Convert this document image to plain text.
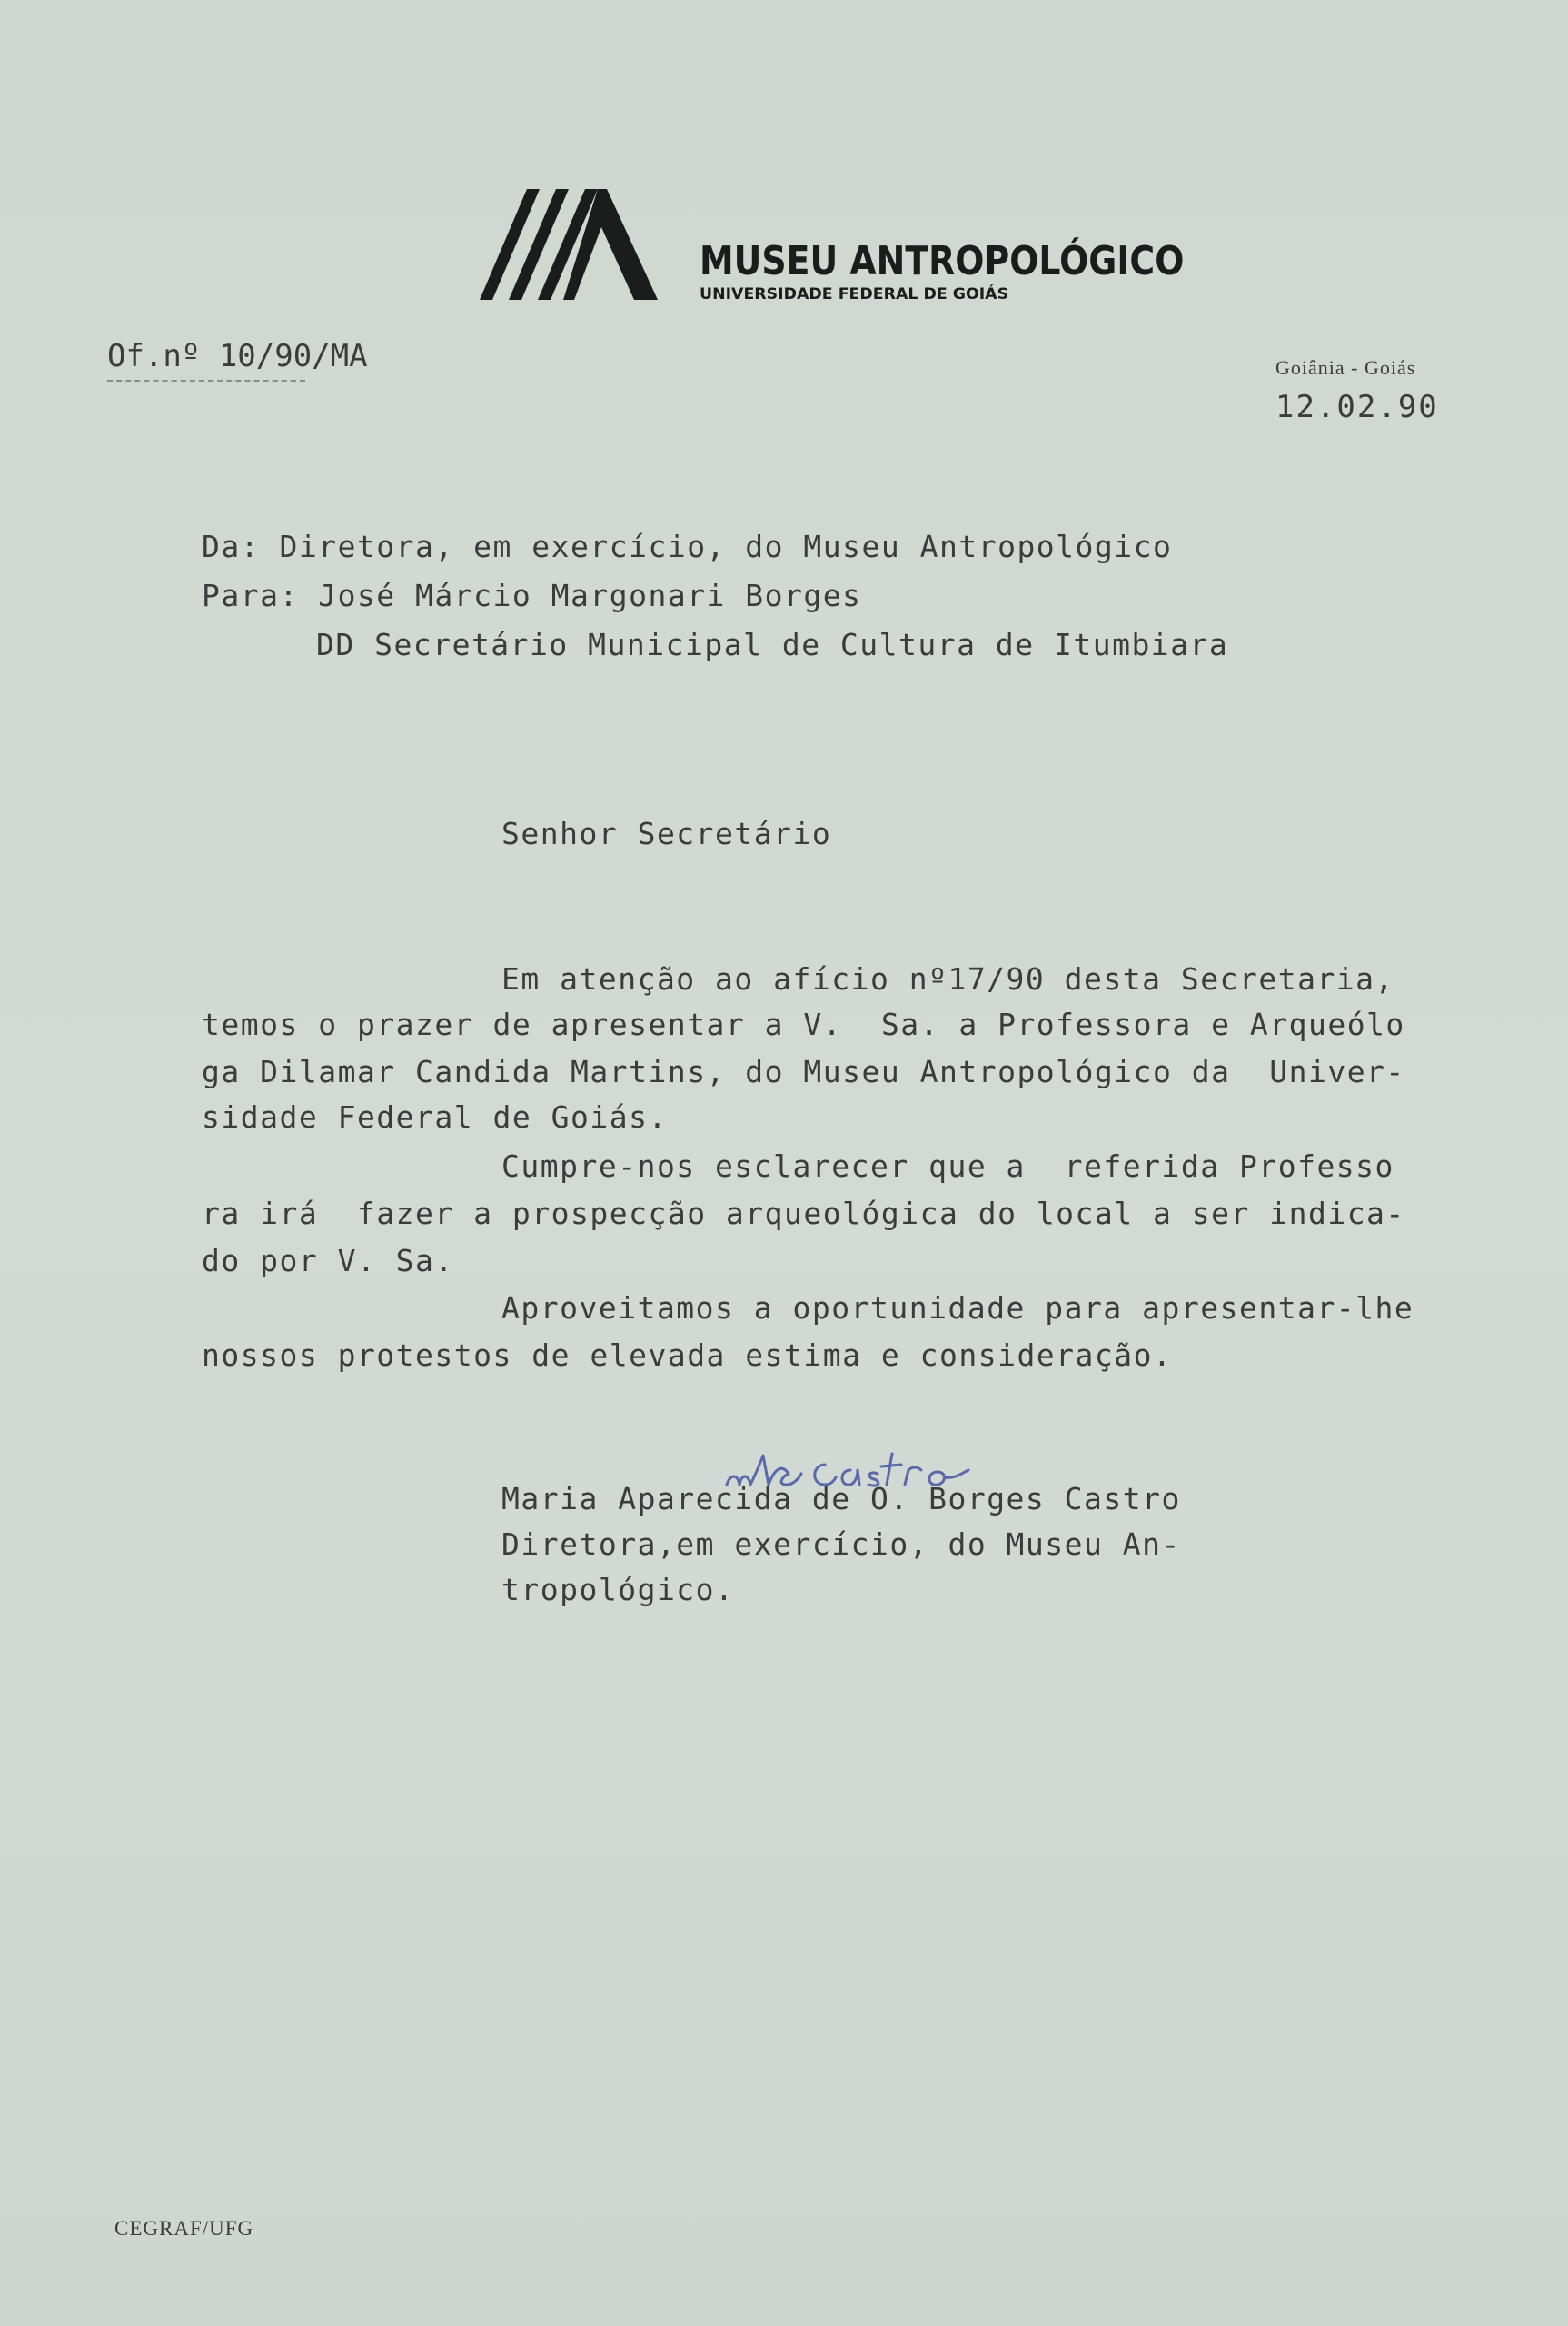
MUSEU ANTROPOLÓGICO
UNIVERSIDADE FEDERAL DE GOIÁS
Of.nº 10/90/MA	Goiânia - Goiás
12.02.90
Da: Diretora, em exercício, do Museu Antropológico
Para: José Márcio Margonari Borges
DD Secretário Municipal de Cultura de Itumbiara
Senhor Secretário
Em atenção ao afício nº17/90 desta Secretaria,
temos o prazer de apresentar a V.  Sa. a Professora e Arqueólo
ga Dilamar Candida Martins, do Museu Antropológico da  Univer-
sidade Federal de Goiás.
Cumpre-nos esclarecer que a  referida Professo
ra irá  fazer a prospecção arqueológica do local a ser indica-
do por V. Sa.
Aproveitamos a oportunidade para apresentar-lhe
nossos protestos de elevada estima e consideração.
Maria Aparecida de O. Borges Castro
Diretora,em exercício, do Museu An-
tropológico.
CEGRAF/UFG
